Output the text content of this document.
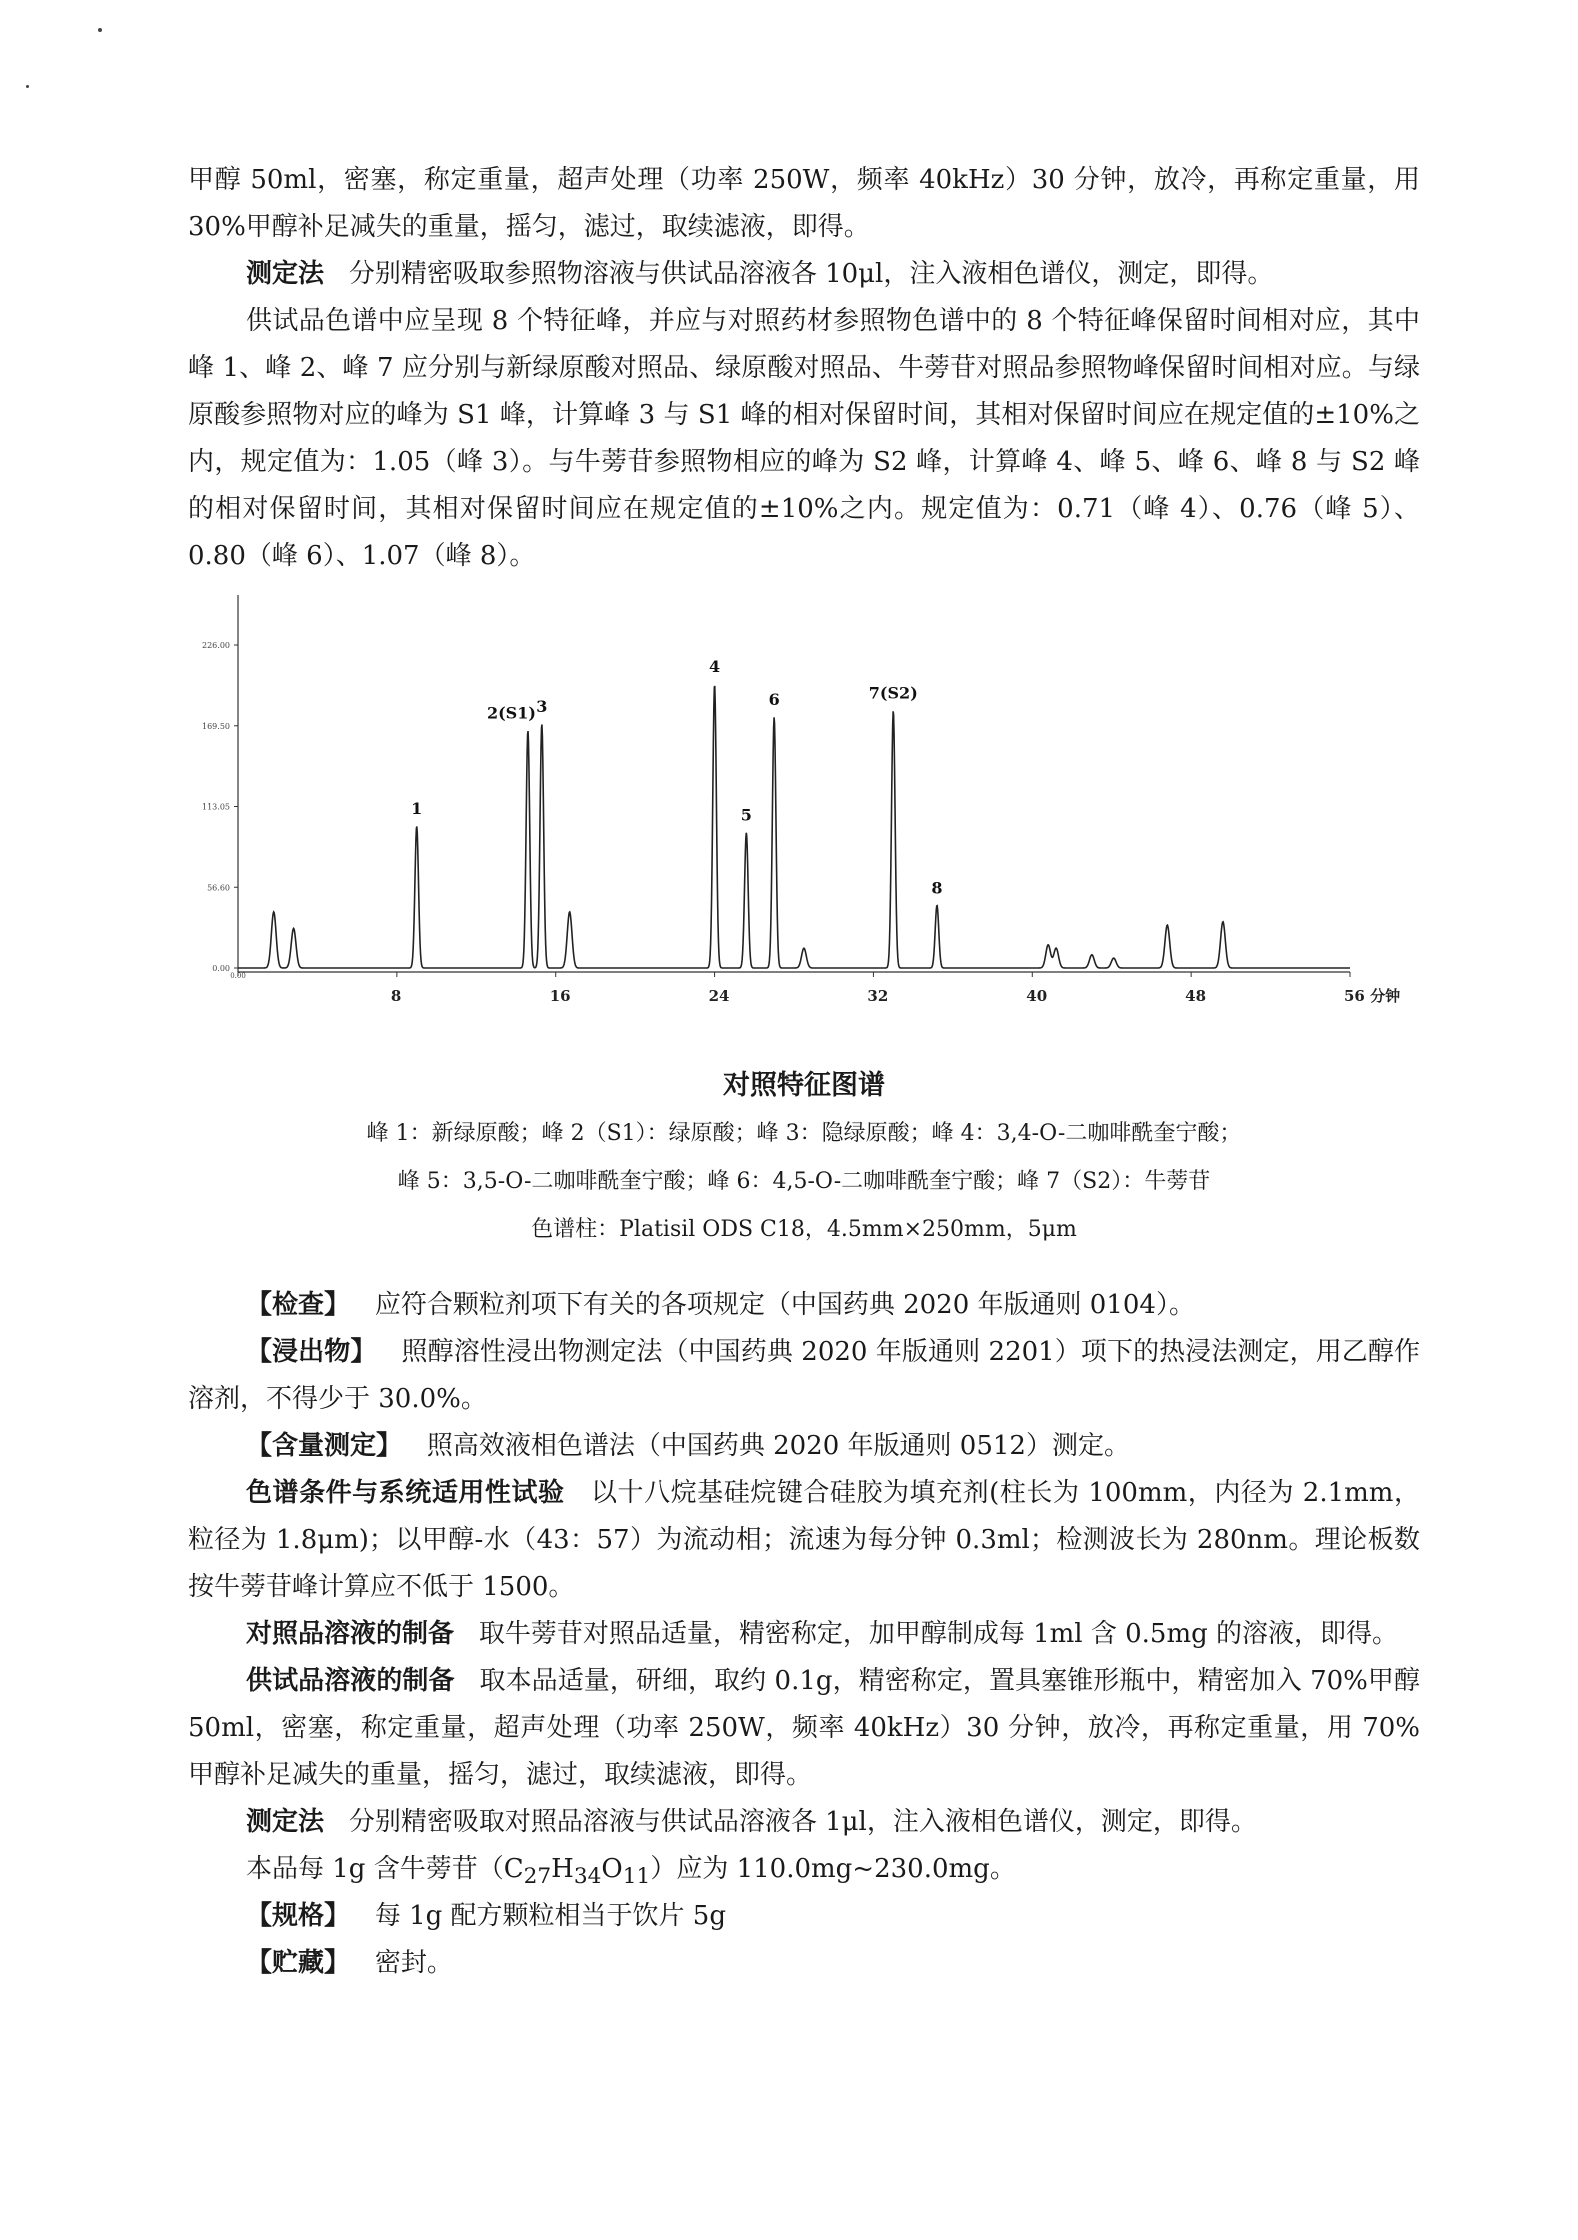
甲醇 50ml，密塞，称定重量，超声处理（功率 250W，频率 40kHz）30 分钟，放冷，再称定重量，用 30%甲醇补足减失的重量，摇匀，滤过，取续滤液，即得。

测定法 分别精密吸取参照物溶液与供试品溶液各 10μl，注入液相色谱仪，测定，即得。

供试品色谱中应呈现 8 个特征峰，并应与对照药材参照物色谱中的 8 个特征峰保留时间相对应，其中峰 1、峰 2、峰 7 应分别与新绿原酸对照品、绿原酸对照品、牛蒡苷对照品参照物峰保留时间相对应。与绿原酸参照物对应的峰为 S1 峰，计算峰 3 与 S1 峰的相对保留时间，其相对保留时间应在规定值的±10%之内，规定值为：1.05（峰 3）。与牛蒡苷参照物相应的峰为 S2 峰，计算峰 4、峰 5、峰 6、峰 8 与 S2 峰的相对保留时间，其相对保留时间应在规定值的±10%之内。规定值为：0.71（峰 4）、0.76（峰 5）、0.80（峰 6）、1.07（峰 8）。

0.00
56.60
113.05
169.50
226.00
0.00
8	16	24	32	40	48	56 分钟
1
2(S1) 3
4
5
6	7(S2)
8

对照特征图谱

峰 1：新绿原酸；峰 2（S1）：绿原酸；峰 3：隐绿原酸；峰 4：3,4-O-二咖啡酰奎宁酸；

峰 5：3,5-O-二咖啡酰奎宁酸；峰 6：4,5-O-二咖啡酰奎宁酸；峰 7（S2）：牛蒡苷

色谱柱：Platisil ODS C18，4.5mm×250mm，5μm

【检查】 应符合颗粒剂项下有关的各项规定（中国药典 2020 年版通则 0104）。

【浸出物】 照醇溶性浸出物测定法（中国药典 2020 年版通则 2201）项下的热浸法测定，用乙醇作溶剂，不得少于 30.0%。

【含量测定】 照高效液相色谱法（中国药典 2020 年版通则 0512）测定。

色谱条件与系统适用性试验 以十八烷基硅烷键合硅胶为填充剂(柱长为 100mm，内径为 2.1mm，粒径为 1.8μm)；以甲醇-水（43：57）为流动相；流速为每分钟 0.3ml；检测波长为 280nm。理论板数按牛蒡苷峰计算应不低于 1500。

对照品溶液的制备 取牛蒡苷对照品适量，精密称定，加甲醇制成每 1ml 含 0.5mg 的溶液，即得。

供试品溶液的制备 取本品适量，研细，取约 0.1g，精密称定，置具塞锥形瓶中，精密加入 70%甲醇 50ml，密塞，称定重量，超声处理（功率 250W，频率 40kHz）30 分钟，放冷，再称定重量，用 70%甲醇补足减失的重量，摇匀，滤过，取续滤液，即得。

测定法 分别精密吸取对照品溶液与供试品溶液各 1μl，注入液相色谱仪，测定，即得。

本品每 1g 含牛蒡苷$(C_{27}H_{34}O_{11})$应为 110.0mg~230.0mg。

【规格】 每 1g 配方颗粒相当于饮片 5g

【贮藏】 密封。
